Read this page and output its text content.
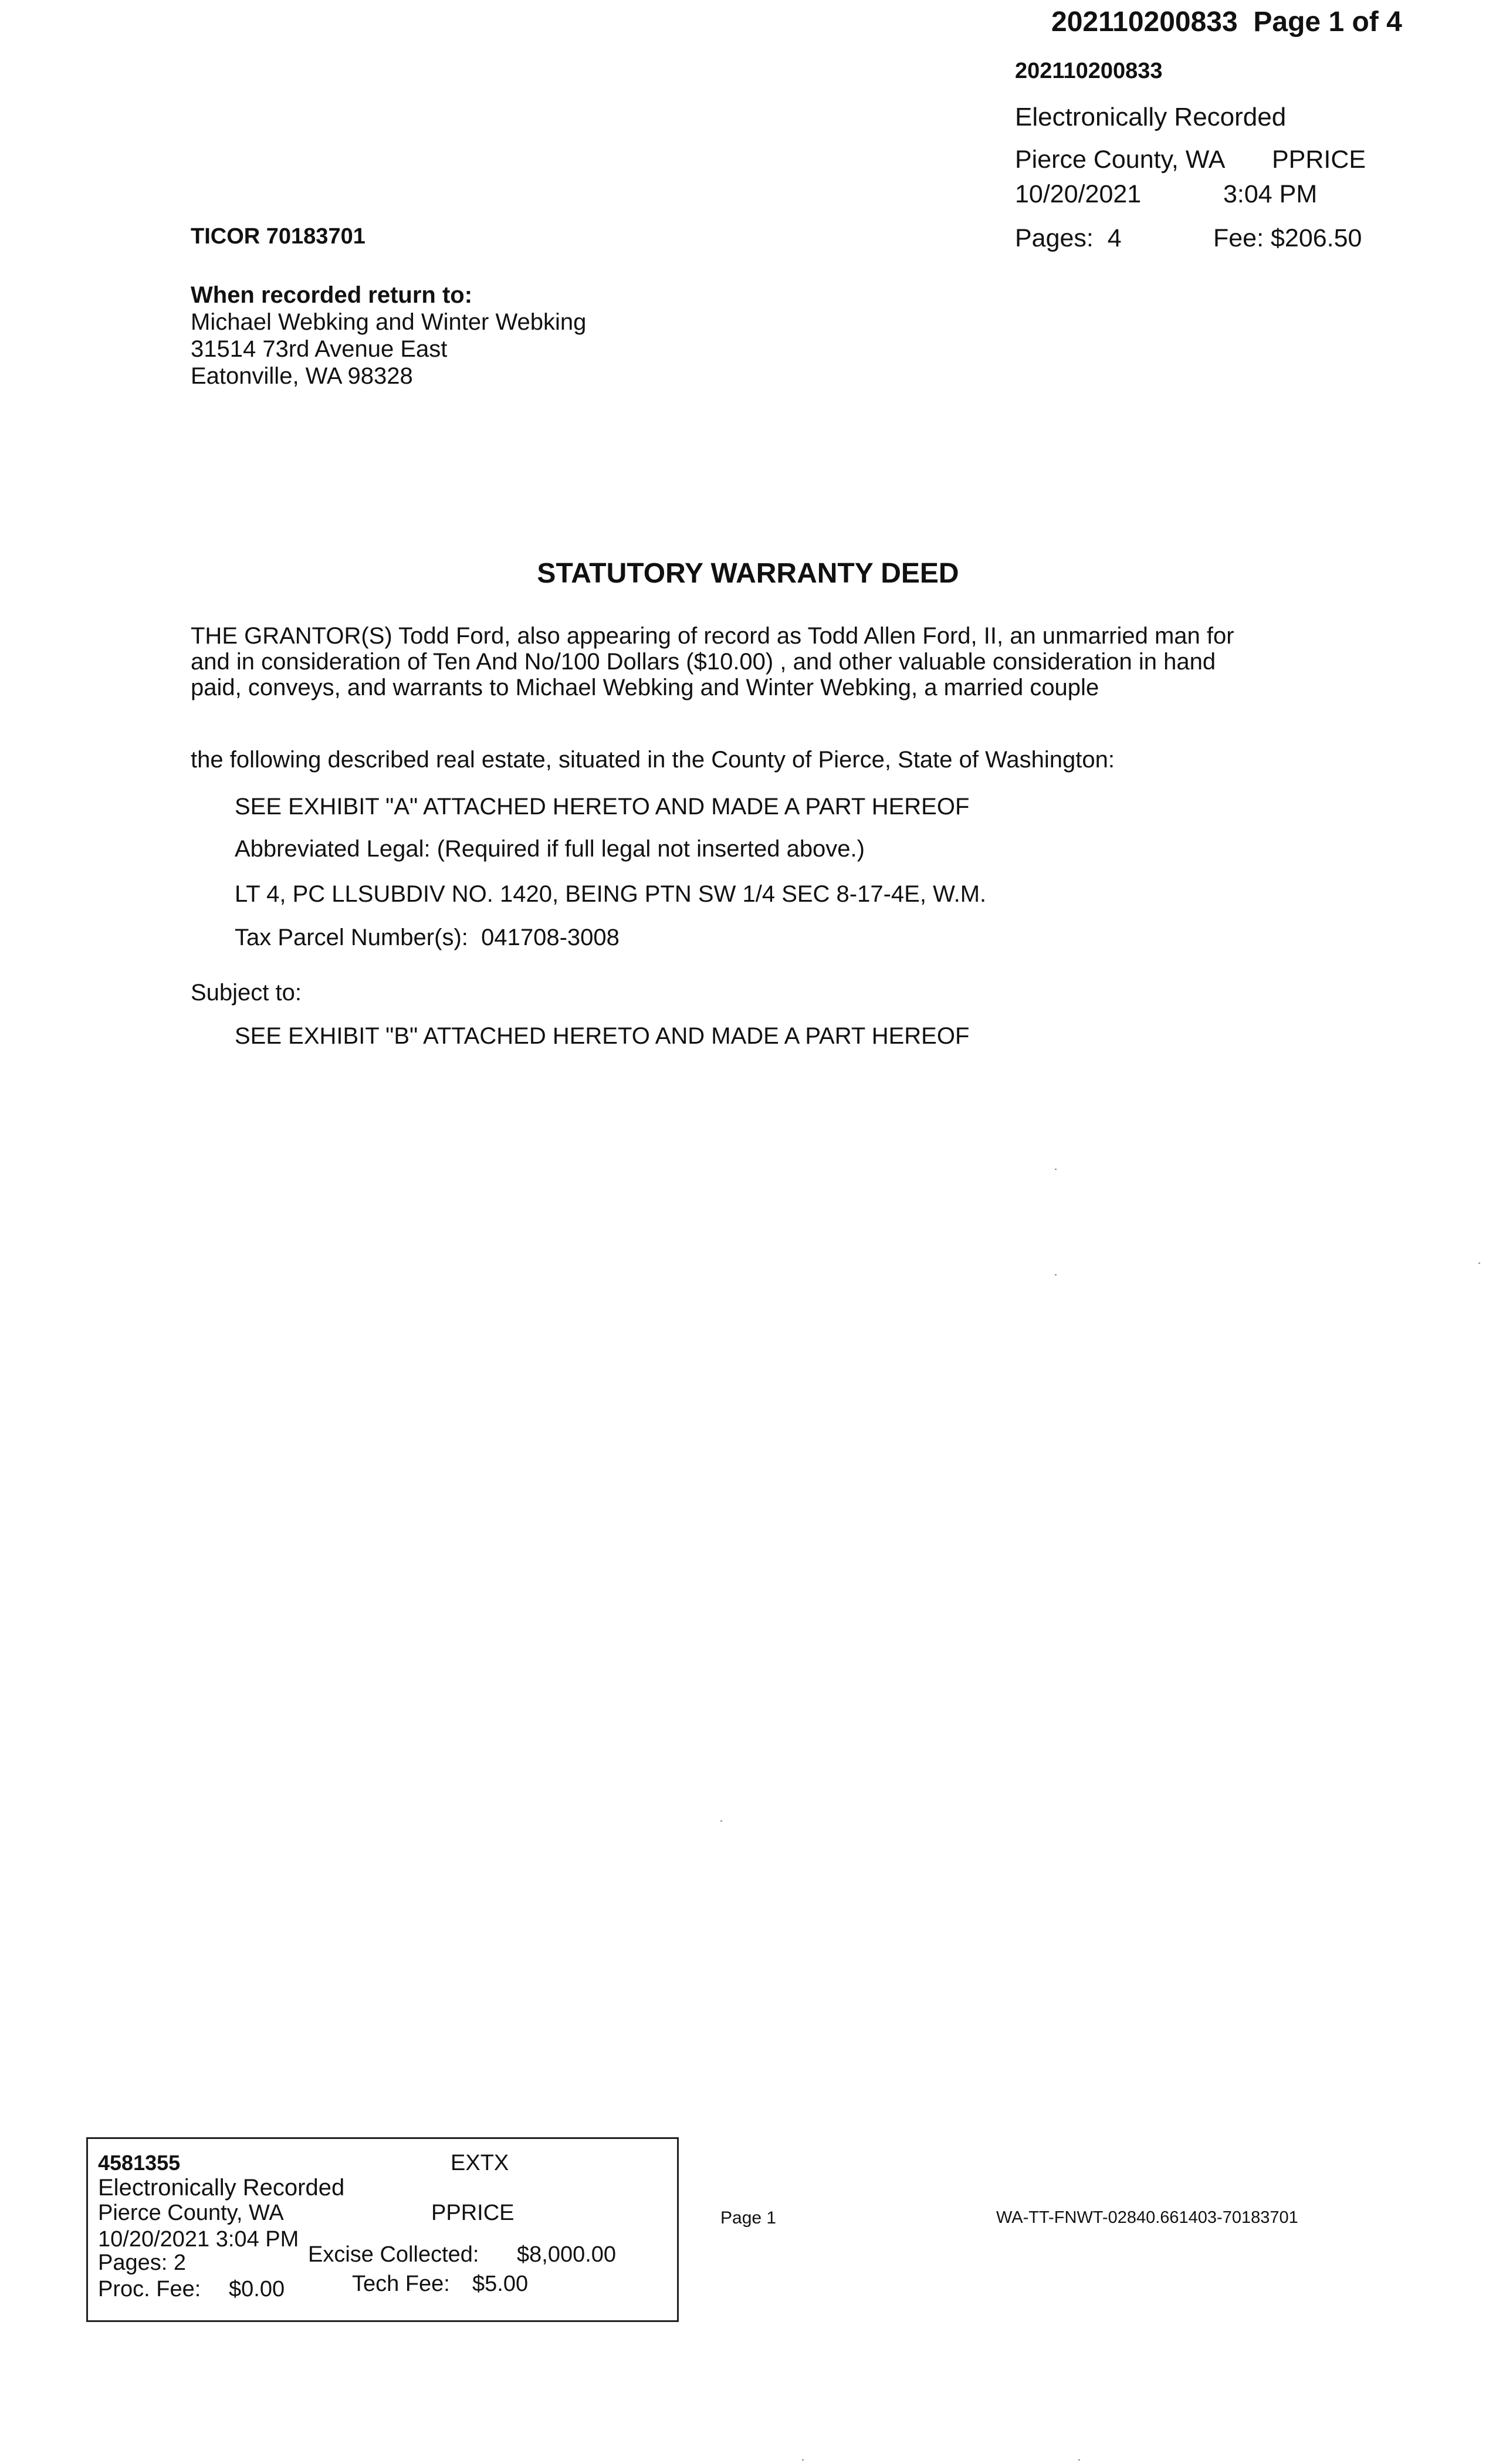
202110200833 Page 1 of 4
202110200833
Electronically Recorded
Pierce County, WA PPRICE
10/20/2021	3:04 PM
Pages: 4	Fee: $206.50
TICOR 70183701
When recorded return to:
Michael Webking and Winter Webking
31514 73rd Avenue East
Eatonville, WA 98328
STATUTORY WARRANTY DEED
THE GRANTOR(S) Todd Ford, also appearing of record as Todd Allen Ford, II, an unmarried man for
and in consideration of Ten And No/100 Dollars ($10.00) , and other valuable consideration in hand
paid, conveys, and warrants to Michael Webking and Winter Webking, a married couple
the following described real estate, situated in the County of Pierce, State of Washington:
SEE EXHIBIT "A" ATTACHED HERETO AND MADE A PART HEREOF
Abbreviated Legal: (Required if full legal not inserted above.)
LT 4, PC LLSUBDIV NO. 1420, BEING PTN SW 1/4 SEC 8-17-4E, W.M.
Tax Parcel Number(s): 041708-3008
Subject to:
SEE EXHIBIT "B" ATTACHED HERETO AND MADE A PART HEREOF
4581355	EXTX
Electronically Recorded
Pierce County, WA	PPRICE
10/20/2021 3:04 PM
Pages: 2	Excise Collected: $8,000.00
Proc. Fee: $0.00	Tech Fee: $5.00
Page 1	WA-TT-FNWT-02840.661403-70183701
